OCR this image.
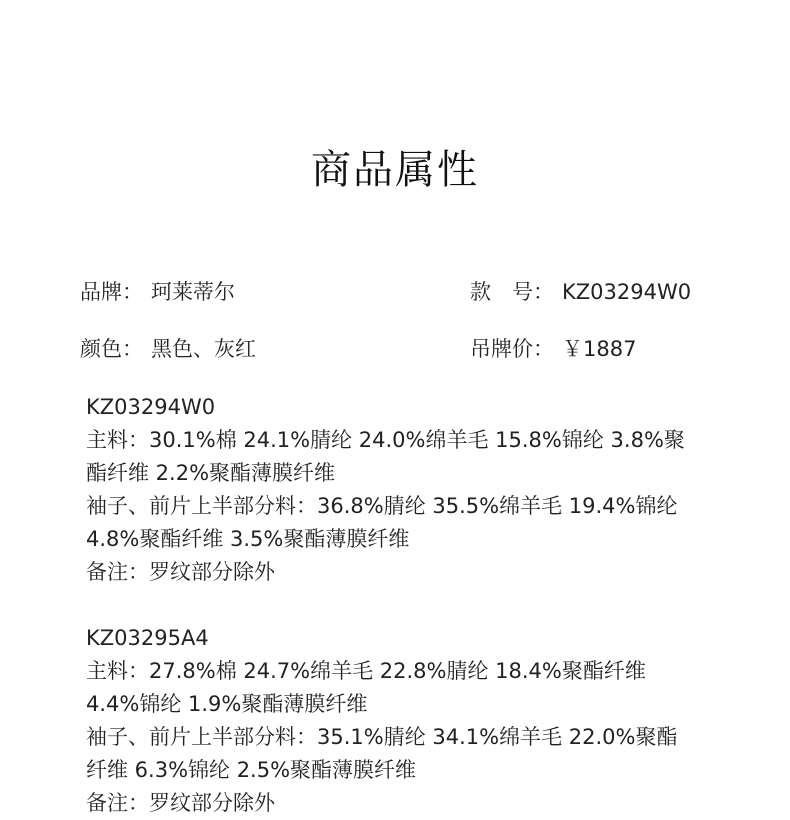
商品属性
品牌： 珂莱蒂尔	款　号： KZ03294W0
颜色： 黑色、灰红	吊牌价： ￥1887

KZ03294W0

主料：30.1%棉 24.1%腈纶 24.0%绵羊毛 15.8%锦纶 3.8%聚

酯纤维 2.2%聚酯薄膜纤维

袖子、前片上半部分料：36.8%腈纶 35.5%绵羊毛 19.4%锦纶

4.8%聚酯纤维 3.5%聚酯薄膜纤维

备注：罗纹部分除外

KZ03295A4

主料：27.8%棉 24.7%绵羊毛 22.8%腈纶 18.4%聚酯纤维

4.4%锦纶 1.9%聚酯薄膜纤维

袖子、前片上半部分料：35.1%腈纶 34.1%绵羊毛 22.0%聚酯

纤维 6.3%锦纶 2.5%聚酯薄膜纤维

备注：罗纹部分除外
